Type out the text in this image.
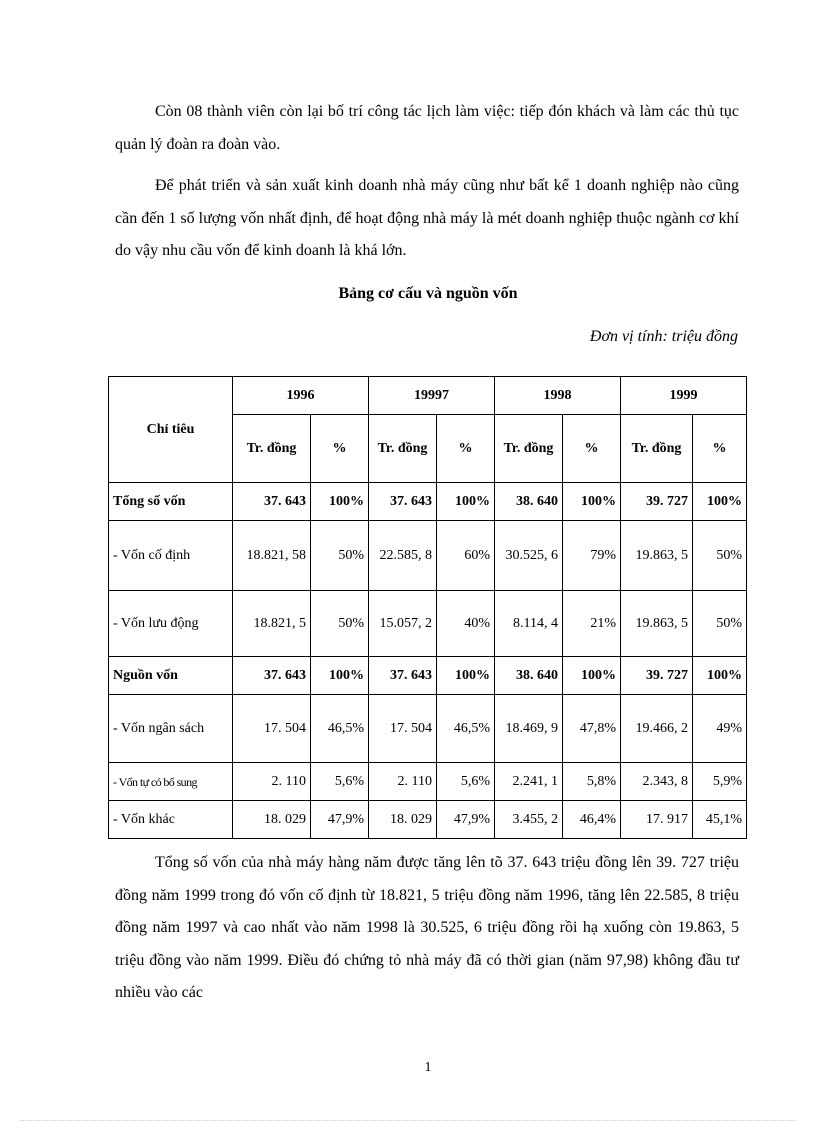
Còn 08 thành viên còn lại bố trí công tác lịch làm việc: tiếp đón khách và làm các thủ tục quản lý đoàn ra đoàn vào.

Để phát triển và sản xuất kinh doanh nhà máy cũng như bất kể 1 doanh nghiệp nào cũng cần đến 1 số lượng vốn nhất định, để hoạt động nhà máy là mét doanh nghiệp thuộc ngành cơ khí do vậy nhu cầu vốn để kinh doanh là khá lớn.

Bảng cơ cấu và nguồn vốn

Đơn vị tính: triệu đồng

Chỉ tiêu	1996		19997		1998		1999	
	Tr. đồng	%	Tr. đồng	%	Tr. đồng	%	Tr. đồng	%
Tổng số vốn	37. 643	100%	37. 643	100%	38. 640	100%	39. 727	100%
- Vốn cố định	18.821, 58	50%	22.585, 8	60%	30.525, 6	79%	19.863, 5	50%
- Vốn lưu động	18.821, 5	50%	15.057, 2	40%	8.114, 4	21%	19.863, 5	50%
Nguồn vốn	37. 643	100%	37. 643	100%	38. 640	100%	39. 727	100%
- Vốn ngân sách	17. 504	46,5%	17. 504	46,5%	18.469, 9	47,8%	19.466, 2	49%
- Vốn tự có bổ sung	2. 110	5,6%	2. 110	5,6%	2.241, 1	5,8%	2.343, 8	5,9%
- Vốn khác	18. 029	47,9%	18. 029	47,9%	3.455, 2	46,4%	17. 917	45,1%

Tổng số vốn của nhà máy hàng năm được tăng lên tõ 37. 643 triệu đồng lên 39. 727 triệu đồng năm 1999 trong đó vốn cố định từ 18.821, 5 triệu đồng năm 1996, tăng lên 22.585, 8 triệu đồng năm 1997 và cao nhất vào năm 1998 là 30.525, 6 triệu đồng rồi hạ xuống còn 19.863, 5 triệu đồng vào năm 1999. Điều đó chứng tỏ nhà máy đã có thời gian (năm 97,98) không đầu tư nhiều vào các

1
